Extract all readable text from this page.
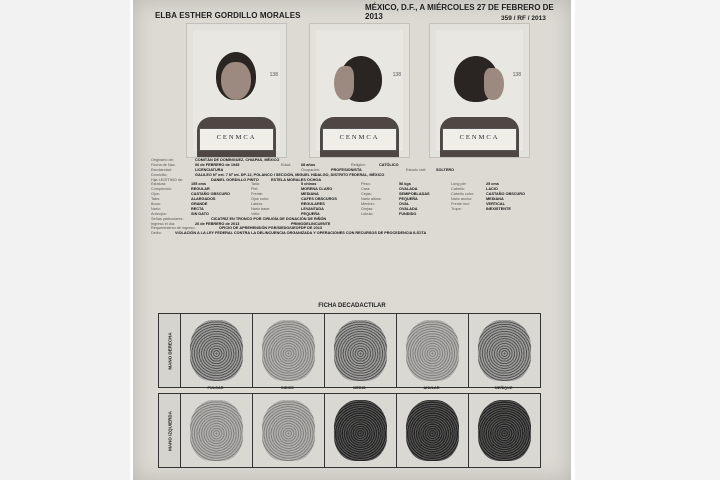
MÉXICO, D.F., A MIÉRCOLES 27 DE FEBRERO DE 2013
ELBA ESTHER GORDILLO MORALES	359 / RF / 2013
138
CENMCA
138
CENMCA
138
CENMCA
Originario de:	COMITÁN DE DOMÍNGUEZ, CHIAPAS, MÉXICO
Fecha de Nac.	06 de FEBRERO de 1945	Edad:	68 años	Religión:	CATÓLICO
Escolaridad:	LICENCIATURA	Ocupación:	PROFESIONISTA	Estado civil:	SOLTERO
Domicilio:	GALILEO Nº ext. 7 Nº int. DP-12, POLANCO I SECCIÓN, MIGUEL HIDALGO, DISTRITO FEDERAL, MÉXICO
Hija LEGÍTIMO de:	DANIEL GORDILLO PINTO	ESTELA MORALES OCHOA
Estatura:	155 cms	Talla:	5 chinos	Peso:	56 kgs	Long pie:	25 cms
Complexión:	REGULAR	Piel:	MORENA CLARO	Cara:	OVALADA	Cabello:	LACIO
Ojos:	CASTAÑO OBSCURO	Frente:	MEDIANA	Cejas:	SEMIPOBLADAS	Cabello color:	CASTAÑO OBSCURO
Tabs:	ALARGADOS	Ojos color:	CAFES OBSCUROS	Nariz altura:	PEQUEÑA	Nariz ancho:	MEDIANA
Boca:	GRANDE	Labios:	REGULARES	Mentón:	OVAL	Frente incl:	VERTICAL
Nariz:	RECTA	Nariz base:	LEVANTADA	Orejas:	OVALADA	Trope:	INEXISTENTE
Anteojos:	SIN DATO	Vello:	PEQUEÑA	Lóbulo:	FUNDIDO
Señas particulares:	CICATRIZ EN TRONCO POR CIRUGÍA DE DONACIÓN DE RIÑÓN
Ingreso el día:	26 de FEBRERO de 2013	PRIMODELINCUENTE
Requerimiento de ingreso:	OFICIO DE APREHENSIÓN PGR/SIEDO/UEOFDP DE 2013
Delito:	VIOLACIÓN A LA LEY FEDERAL CONTRA LA DELINCUENCIA ORGANIZADA Y OPERACIONES CON RECURSOS DE PROCEDENCIA ILÍCITA
FICHA DECADACTILAR
MANO DERECHA
PULGAR	INDICE	MEDIO	ANULAR	MEÑIQUE
MANO IZQUIERDA
